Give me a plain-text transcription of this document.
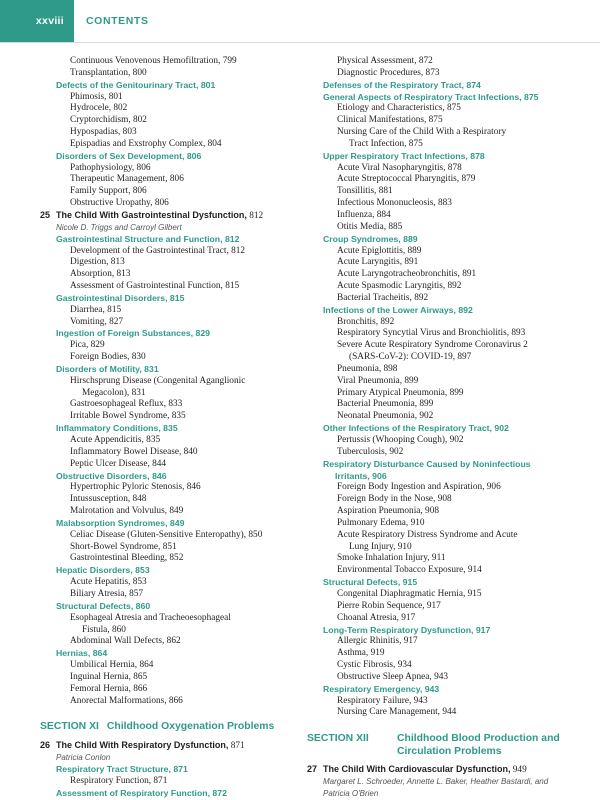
xxviii	CONTENTS
Continuous Venovenous Hemofiltration, 799
Transplantation, 800
Defects of the Genitourinary Tract, 801
Phimosis, 801
Hydrocele, 802
Cryptorchidism, 802
Hypospadias, 803
Epispadias and Exstrophy Complex, 804
Disorders of Sex Development, 806
Pathophysiology, 806
Therapeutic Management, 806
Family Support, 806
Obstructive Uropathy, 806
25 The Child With Gastrointestinal Dysfunction, 812
Nicole D. Triggs and Carroyl Gilbert
Gastrointestinal Structure and Function, 812
Development of the Gastrointestinal Tract, 812
Digestion, 813
Absorption, 813
Assessment of Gastrointestinal Function, 815
Gastrointestinal Disorders, 815
Diarrhea, 815
Vomiting, 827
Ingestion of Foreign Substances, 829
Pica, 829
Foreign Bodies, 830
Disorders of Motility, 831
Hirschsprung Disease (Congenital Aganglionic
Megacolon), 831
Gastroesophageal Reflux, 833
Irritable Bowel Syndrome, 835
Inflammatory Conditions, 835
Acute Appendicitis, 835
Inflammatory Bowel Disease, 840
Peptic Ulcer Disease, 844
Obstructive Disorders, 846
Hypertrophic Pyloric Stenosis, 846
Intussusception, 848
Malrotation and Volvulus, 849
Malabsorption Syndromes, 849
Celiac Disease (Gluten-Sensitive Enteropathy), 850
Short-Bowel Syndrome, 851
Gastrointestinal Bleeding, 852
Hepatic Disorders, 853
Acute Hepatitis, 853
Biliary Atresia, 857
Structural Defects, 860
Esophageal Atresia and Tracheoesophageal
Fistula, 860
Abdominal Wall Defects, 862
Hernias, 864
Umbilical Hernia, 864
Inguinal Hernia, 865
Femoral Hernia, 866
Anorectal Malformations, 866
SECTION XI Childhood Oxygenation Problems
26 The Child With Respiratory Dysfunction, 871
Patricia Conlon
Respiratory Tract Structure, 871
Respiratory Function, 871
Assessment of Respiratory Function, 872
Physical Assessment, 872
Diagnostic Procedures, 873
Defenses of the Respiratory Tract, 874
General Aspects of Respiratory Tract Infections, 875
Etiology and Characteristics, 875
Clinical Manifestations, 875
Nursing Care of the Child With a Respiratory
Tract Infection, 875
Upper Respiratory Tract Infections, 878
Acute Viral Nasopharyngitis, 878
Acute Streptococcal Pharyngitis, 879
Tonsillitis, 881
Infectious Mononucleosis, 883
Influenza, 884
Otitis Media, 885
Croup Syndromes, 889
Acute Epiglottitis, 889
Acute Laryngitis, 891
Acute Laryngotracheobronchitis, 891
Acute Spasmodic Laryngitis, 892
Bacterial Tracheitis, 892
Infections of the Lower Airways, 892
Bronchitis, 892
Respiratory Syncytial Virus and Bronchiolitis, 893
Severe Acute Respiratory Syndrome Coronavirus 2
(SARS-CoV-2): COVID-19, 897
Pneumonia, 898
Viral Pneumonia, 899
Primary Atypical Pneumonia, 899
Bacterial Pneumonia, 899
Neonatal Pneumonia, 902
Other Infections of the Respiratory Tract, 902
Pertussis (Whooping Cough), 902
Tuberculosis, 902
Respiratory Disturbance Caused by Noninfectious
Irritants, 906
Foreign Body Ingestion and Aspiration, 906
Foreign Body in the Nose, 908
Aspiration Pneumonia, 908
Pulmonary Edema, 910
Acute Respiratory Distress Syndrome and Acute
Lung Injury, 910
Smoke Inhalation Injury, 911
Environmental Tobacco Exposure, 914
Structural Defects, 915
Congenital Diaphragmatic Hernia, 915
Pierre Robin Sequence, 917
Choanal Atresia, 917
Long-Term Respiratory Dysfunction, 917
Allergic Rhinitis, 917
Asthma, 919
Cystic Fibrosis, 934
Obstructive Sleep Apnea, 943
Respiratory Emergency, 943
Respiratory Failure, 943
Nursing Care Management, 944
SECTION XII	Childhood Blood Production and
Circulation Problems
27 The Child With Cardiovascular Dysfunction, 949
Margaret L. Schroeder, Annette L. Baker, Heather Bastardi, and
Patricia O'Brien
